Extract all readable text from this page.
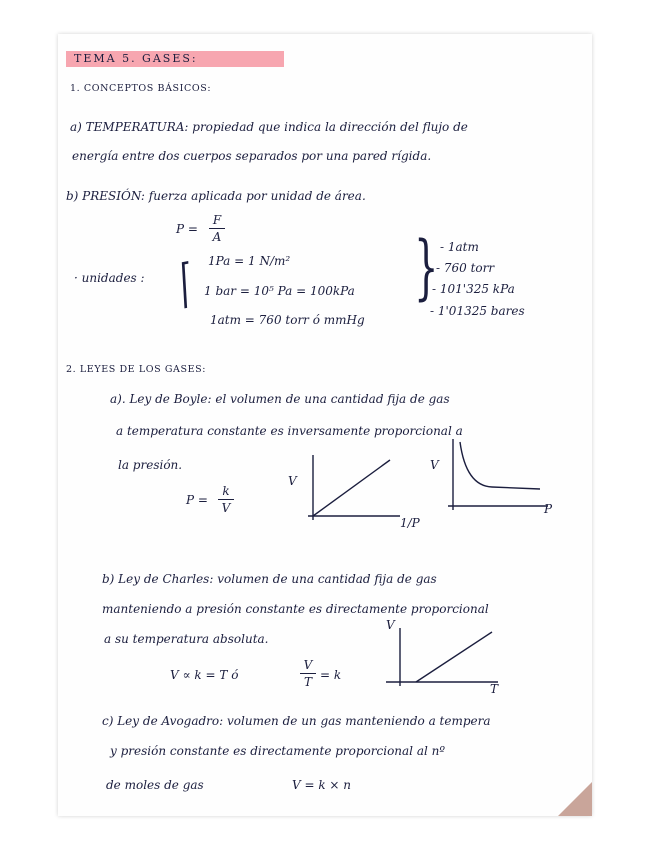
TEMA 5. GASES:
1. CONCEPTOS BÁSICOS:
a) TEMPERATURA: propiedad que indica la dirección del flujo de
energía entre dos cuerpos separados por una pared rígida.
b) PRESIÓN: fuerza aplicada por unidad de área.
P =
F
A
· unidades : ⌈ 1Pa = 1 N/m²
1 bar = 10⁵ Pa = 100kPa
1atm = 760 torr ó mmHg
} - 1atm
- 760 torr
- 101'325 kPa
- 1'01325 bares
2. LEYES DE LOS GASES:
a). Ley de Boyle: el volumen de una cantidad fija de gas
a temperatura constante es inversamente proporcional a
la presión.
P =
k
V
V
1/P
V
P
b) Ley de Charles: volumen de una cantidad fija de gas
manteniendo a presión constante es directamente proporcional
a su temperatura absoluta.
V ∝ k = T ó
V
T = k
V
T
c) Ley de Avogadro: volumen de un gas manteniendo a tempera
y presión constante es directamente proporcional al nº
de moles de gas	V = k × n
